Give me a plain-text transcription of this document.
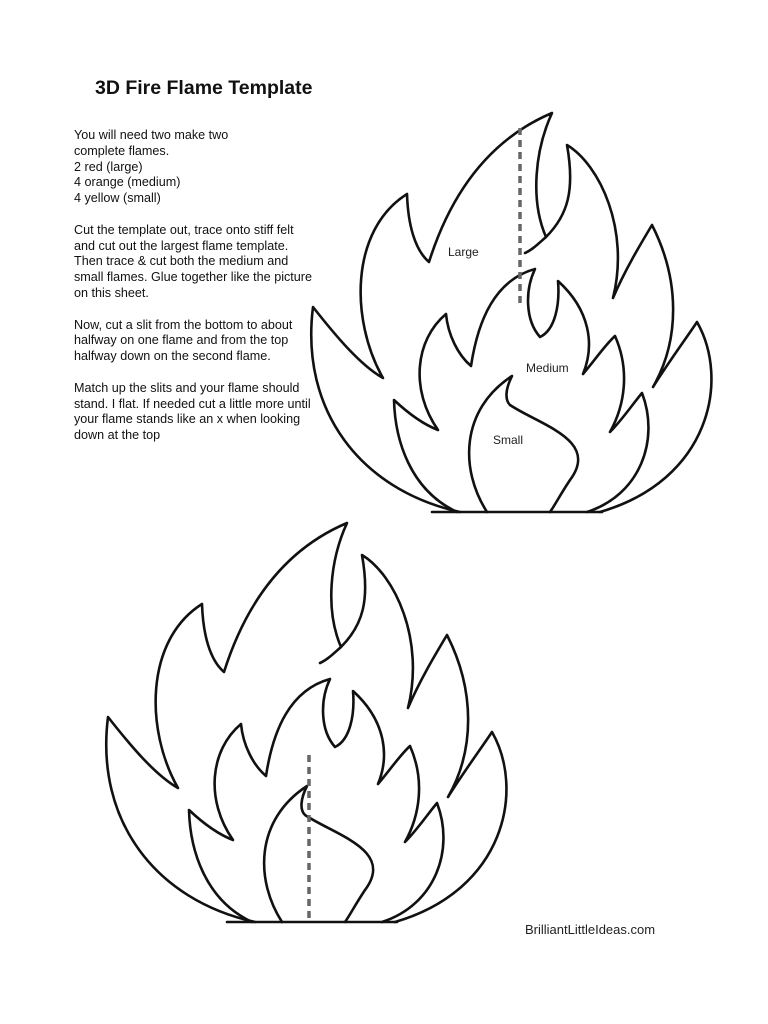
3D Fire Flame Template

You will need two make two
complete flames.
2 red (large)
4 orange (medium)
4 yellow (small)

Cut the template out, trace onto stiff felt and cut out the largest flame template. Then trace & cut both the medium and small flames. Glue together like the picture on this sheet.

Now, cut a slit from the bottom to about halfway on one flame and from the top halfway down on the second flame.

Match up the slits and your flame should stand. I flat. If needed cut a little more until your flame stands like an x when looking down at the top

Large
Medium
Small
BrilliantLittleIdeas.com
